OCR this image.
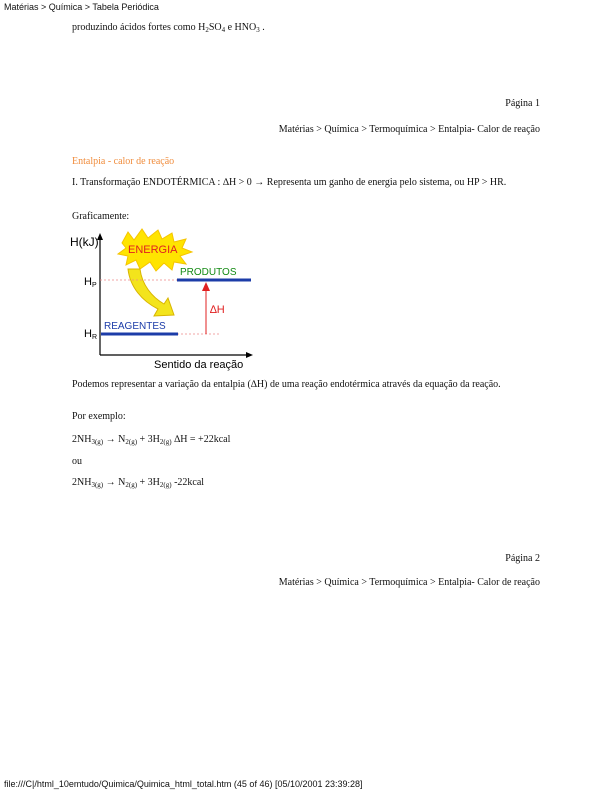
Matérias > Química > Tabela Periódica
produzindo ácidos fortes como $H_2SO_4$ e $HNO_3$ .
Página 1
Matérias > Química > Termoquímica > Entalpia- Calor de reação
Entalpia - calor de reação
I. Transformação ENDOTÉRMICA : ∆H > 0 → Representa um ganho de energia pelo sistema, ou HP > HR.
Graficamente:
H(kJ)
Sentido da reação
ENERGIA
PRODUTOS
REAGENTES
HP
HR
∆H
Podemos representar a variação da entalpia (∆H) de uma reação endotérmica através da equação da reação.
Por exemplo:
$2NH_{3(g)} \to N_{2(g)} + 3H_{2(g)}$ ∆H = +22kcal
ou
$2NH_{3(g)} \to N_{2(g)} + 3H_{2(g)}$ -22kcal
Página 2
Matérias > Química > Termoquímica > Entalpia- Calor de reação
file:///C|/html_10emtudo/Quimica/Quimica_html_total.htm (45 of 46) [05/10/2001 23:39:28]
